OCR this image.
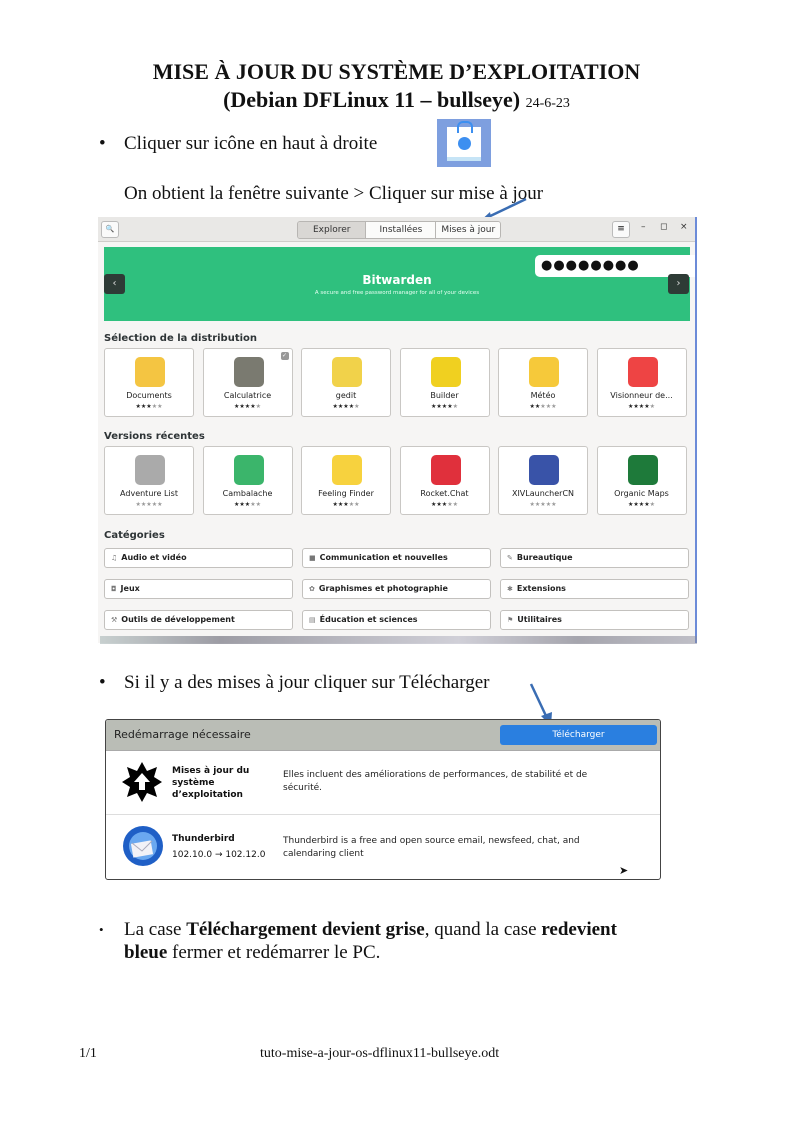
MISE À JOUR DU SYSTÈME D’EXPLOITATION
(Debian DFLinux 11 – bullseye) 24-6-23
• Cliquer sur icône en haut à droite
On obtient la fenêtre suivante > Cliquer sur mise à jour
🔍	Explorer	Installées	Mises à jour	≡	– ◻ ×
●●●●●●●●
Bitwarden
A secure and free password manager for all of your devices
‹	›
Sélection de la distribution
Documents
★★★★★
Calculatrice
★★★★★
✓
gedit
★★★★★
Builder
★★★★★
Météo
★★★★★
Visionneur de...
★★★★★
Versions récentes
Adventure List
★★★★★
Cambalache
★★★★★
Feeling Finder
★★★★★
Rocket.Chat
★★★★★
XIVLauncherCN
★★★★★
Organic Maps
★★★★★
Catégories
♫ Audio et vidéo	■ Communication et nouvelles	✎ Bureautique
◘ Jeux	✿ Graphismes et photographie	✱ Extensions
⚒ Outils de développement	▤ Éducation et sciences	⚑ Utilitaires
• Si il y a des mises à jour cliquer sur Télécharger
Redémarrage nécessaire	Télécharger
Mises à jour du
système
d’exploitation
Elles incluent des améliorations de performances, de stabilité et de
sécurité.
Thunderbird
102.10.0 → 102.12.0
Thunderbird is a free and open source email, newsfeed, chat, and
calendaring client
➤
• La case Téléchargement devient grise, quand la case redevient
bleue fermer et redémarrer le PC.
1/1	tuto-mise-a-jour-os-dflinux11-bullseye.odt
